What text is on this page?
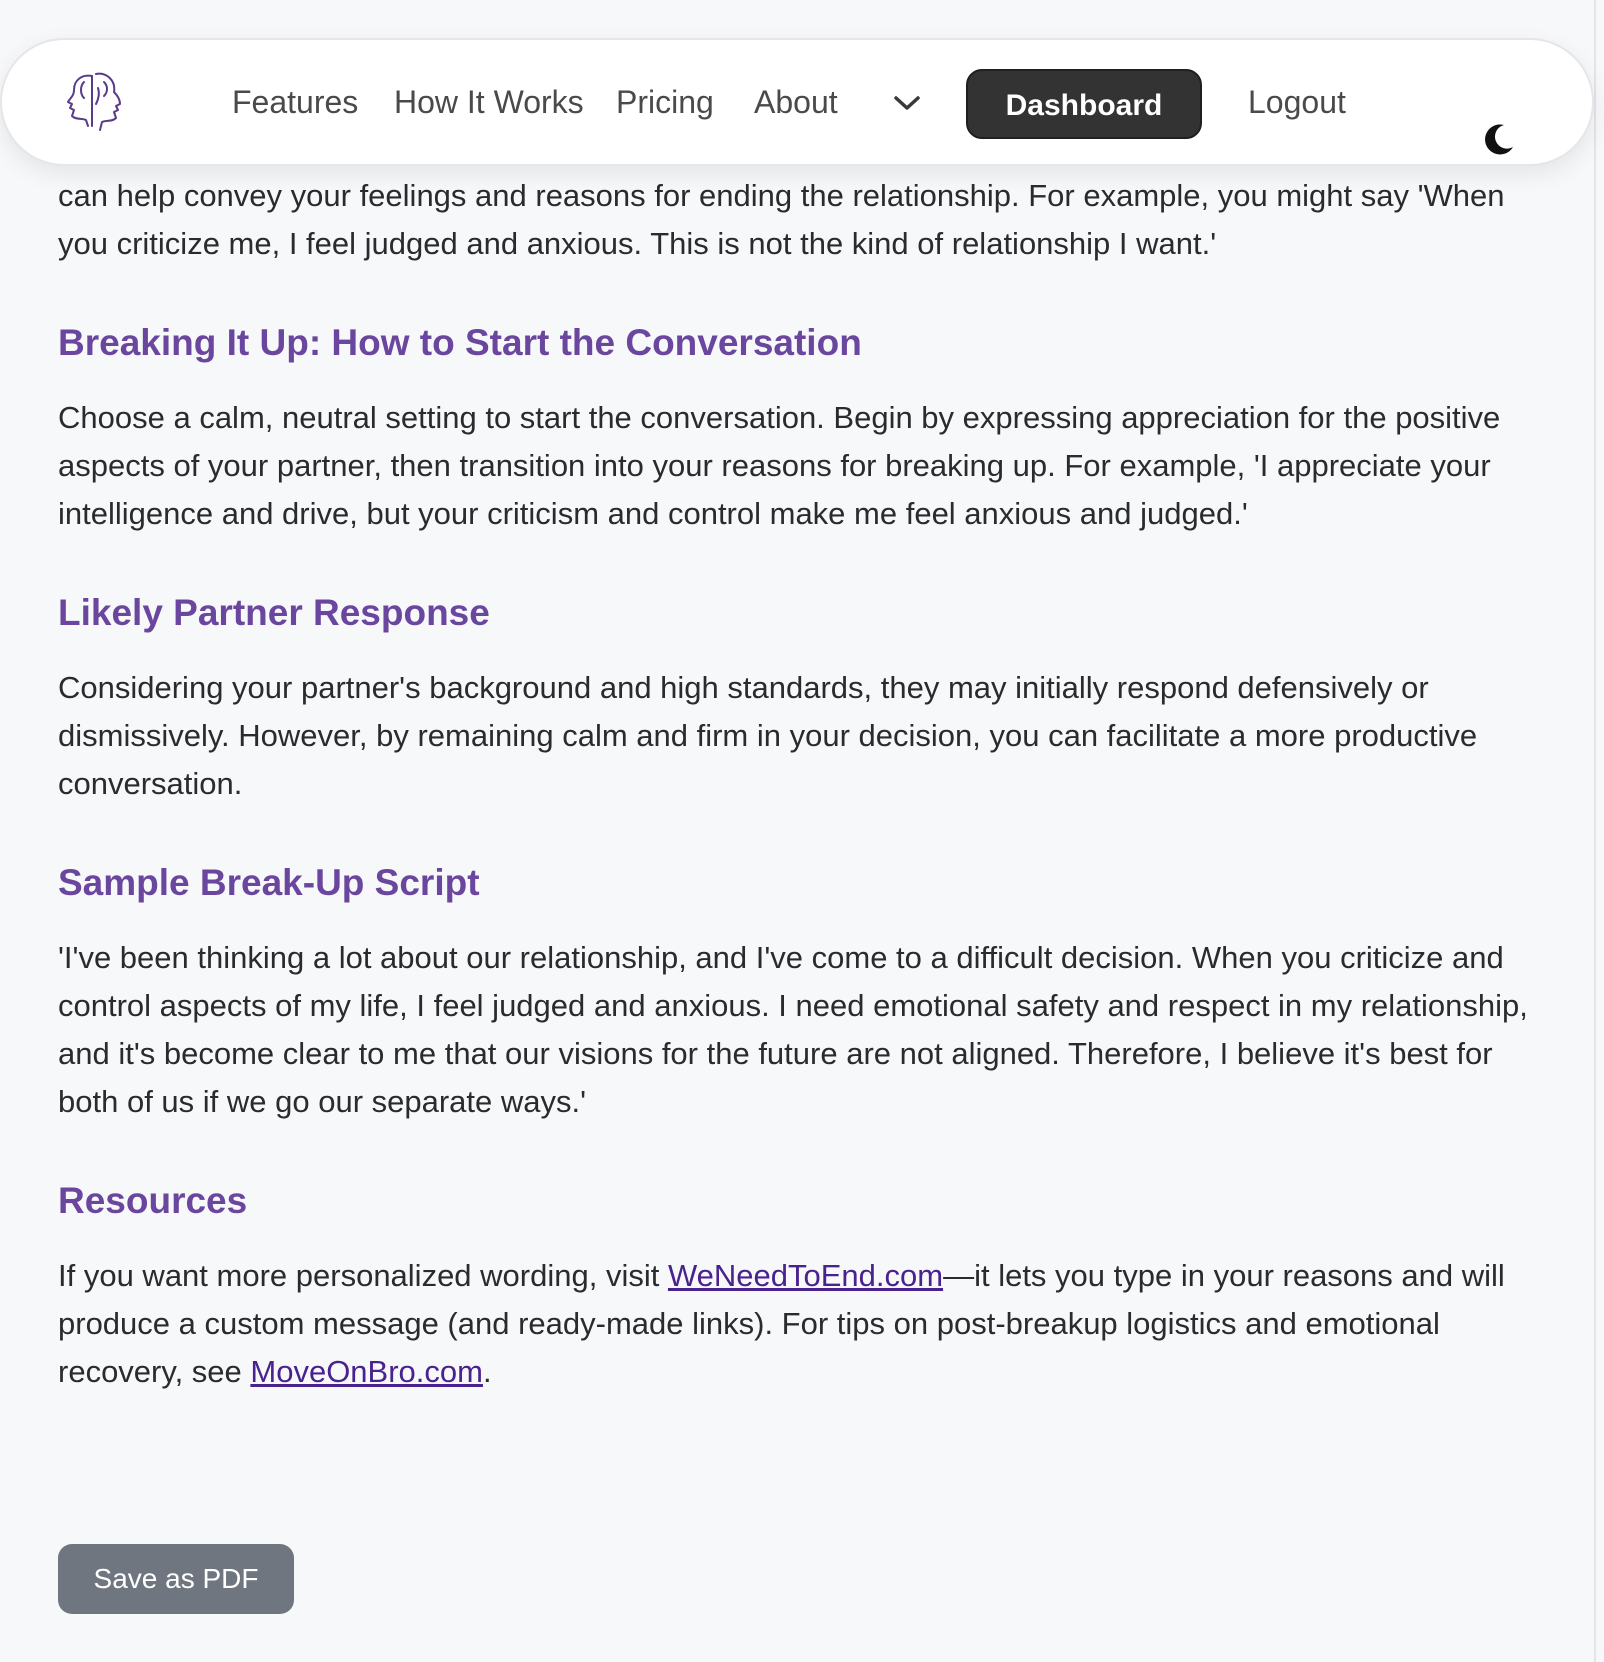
Features How It Works Pricing About	Dashboard	Logout

can help convey your feelings and reasons for ending the relationship. For example, you might say 'When you criticize me, I feel judged and anxious. This is not the kind of relationship I want.'

Breaking It Up: How to Start the Conversation

Choose a calm, neutral setting to start the conversation. Begin by expressing appreciation for the positive aspects of your partner, then transition into your reasons for breaking up. For example, 'I appreciate your intelligence and drive, but your criticism and control make me feel anxious and judged.'

Likely Partner Response

Considering your partner's background and high standards, they may initially respond defensively or dismissively. However, by remaining calm and firm in your decision, you can facilitate a more productive conversation.

Sample Break-Up Script

'I've been thinking a lot about our relationship, and I've come to a difficult decision. When you criticize and control aspects of my life, I feel judged and anxious. I need emotional safety and respect in my relationship, and it's become clear to me that our visions for the future are not aligned. Therefore, I believe it's best for both of us if we go our separate ways.'

Resources

If you want more personalized wording, visit WeNeedToEnd.com—it lets you type in your reasons and will produce a custom message (and ready-made links). For tips on post-breakup logistics and emotional recovery, see MoveOnBro.com.

Save as PDF
